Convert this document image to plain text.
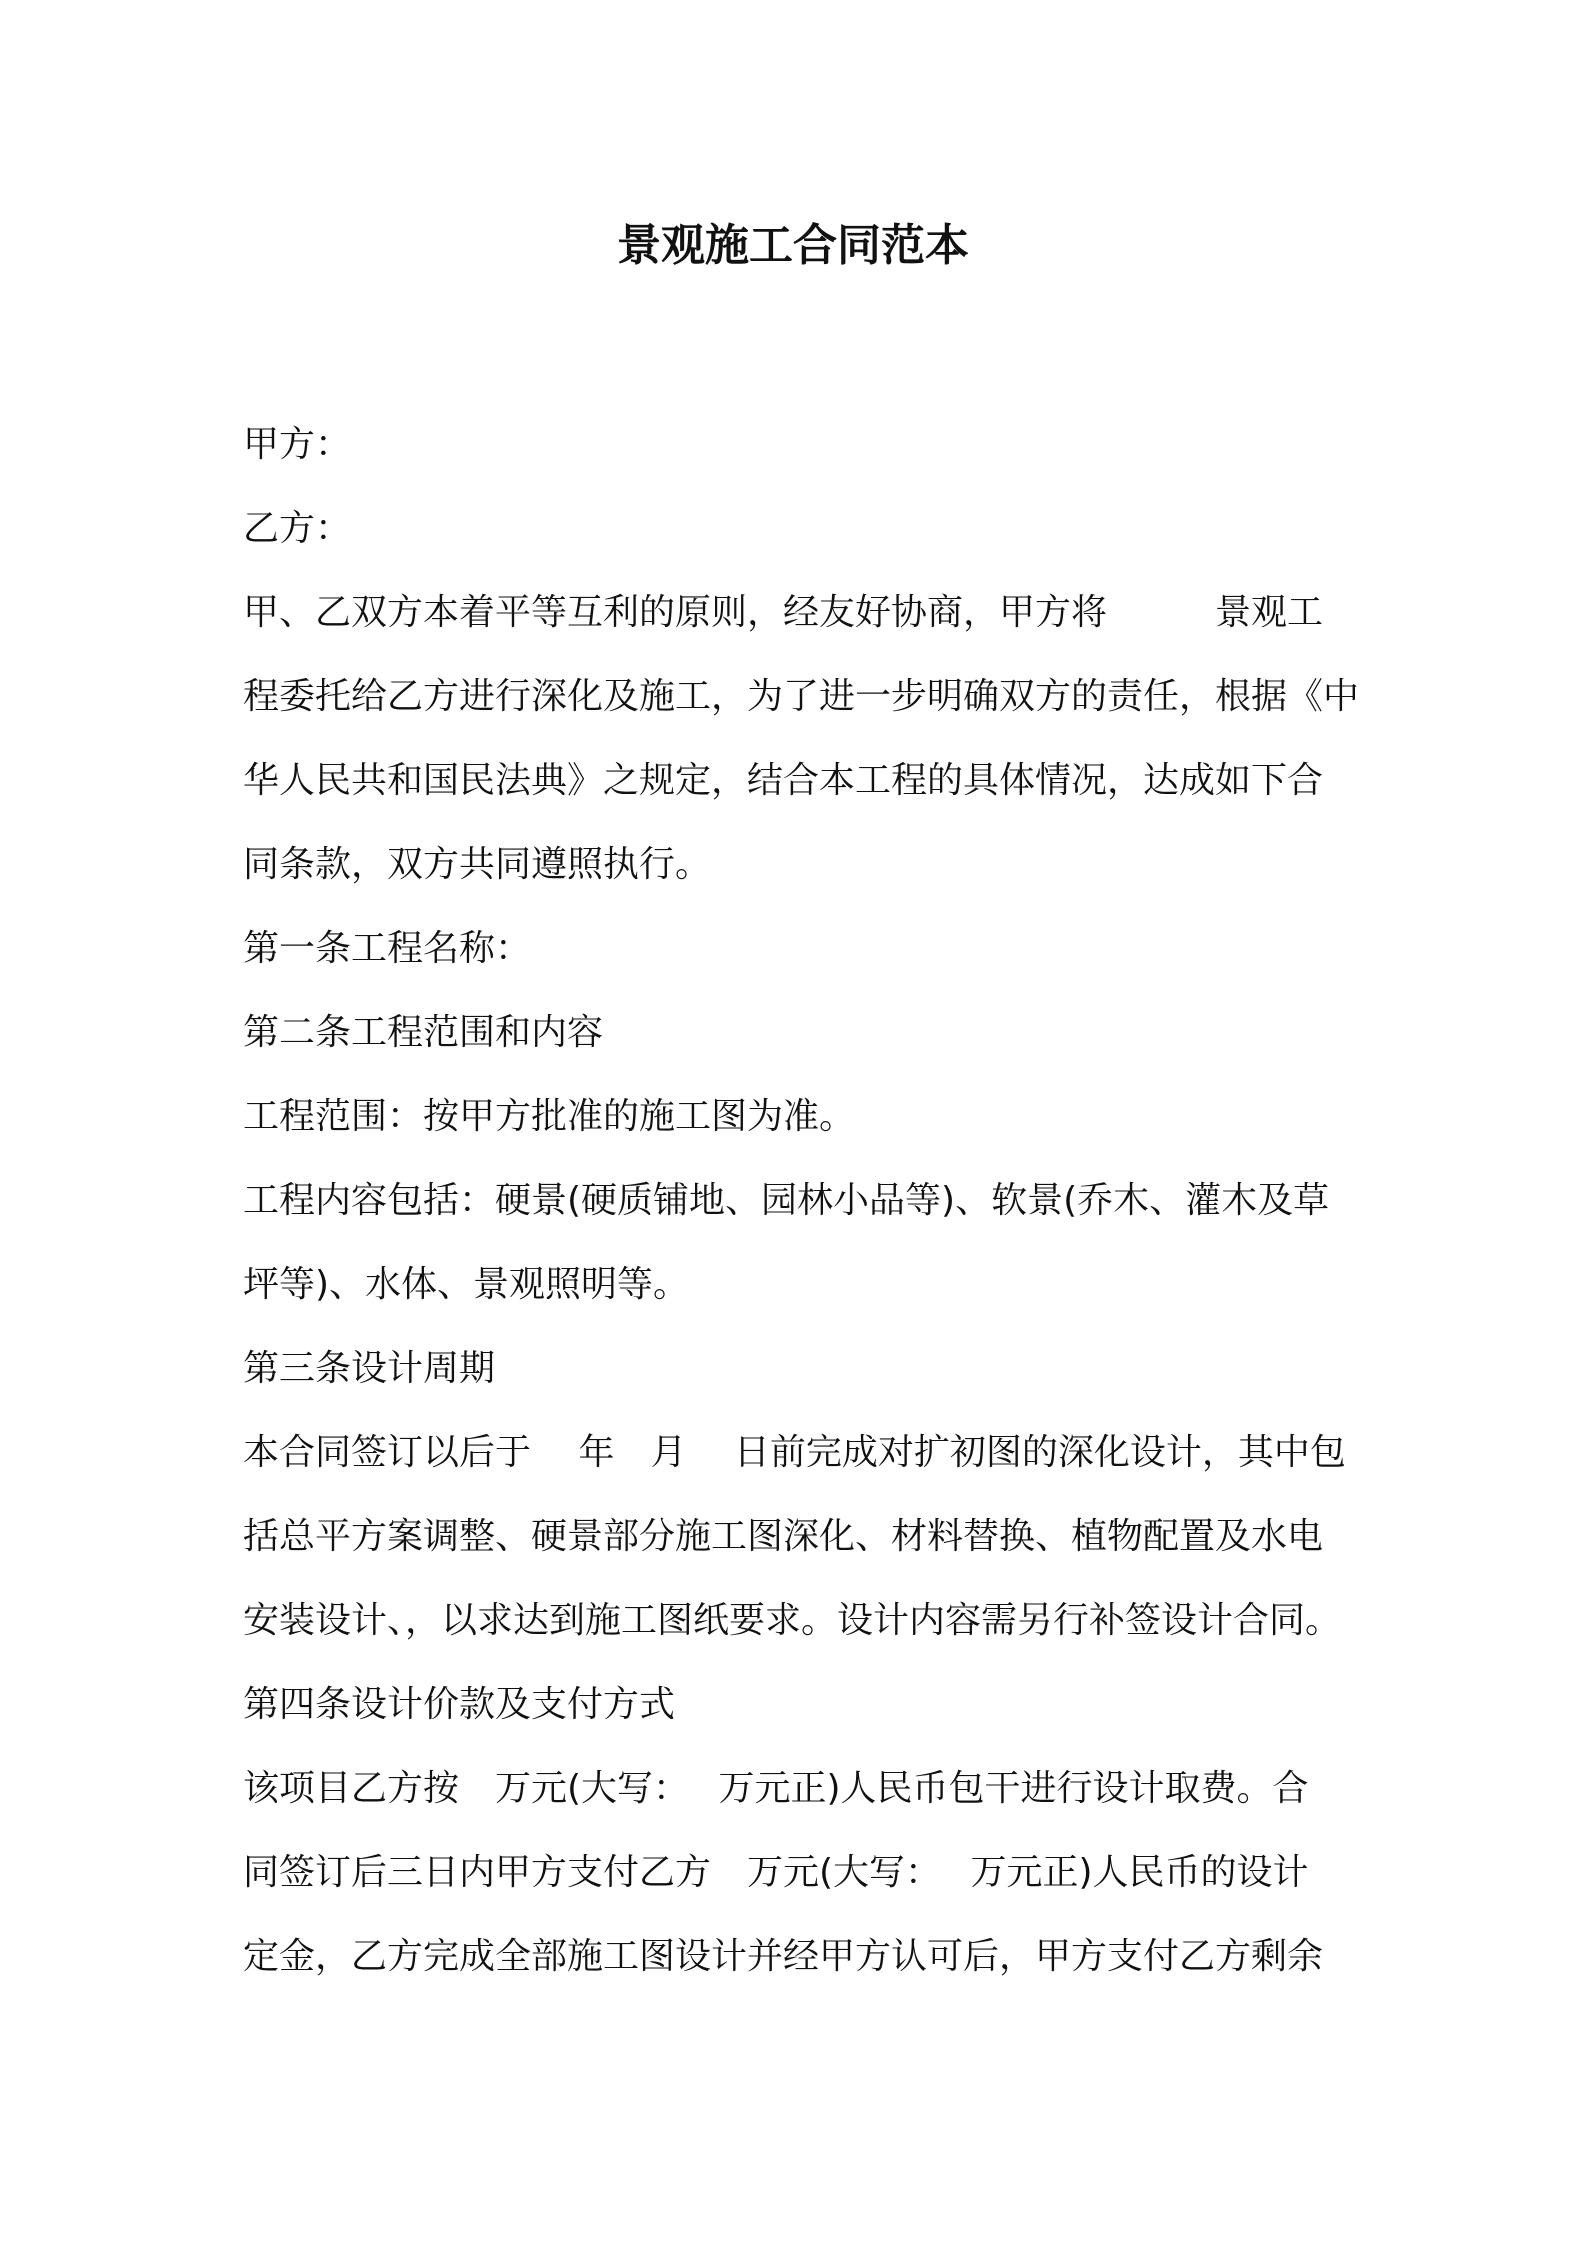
景观施工合同范本
甲方：
乙方：
甲、乙双方本着平等互利的原则，经友好协商，甲方将　　　景观工
程委托给乙方进行深化及施工，为了进一步明确双方的责任，根据《中
华人民共和国民法典》之规定，结合本工程的具体情况，达成如下合
同条款，双方共同遵照执行。
第一条工程名称：
第二条工程范围和内容
工程范围：按甲方批准的施工图为准。
工程内容包括：硬景(硬质铺地、园林小品等)、软景(乔木、灌木及草
坪等)、水体、景观照明等。
第三条设计周期
本合同签订以后于　 年　月　 日前完成对扩初图的深化设计，其中包
括总平方案调整、硬景部分施工图深化、材料替换、植物配置及水电
安装设计、，以求达到施工图纸要求。设计内容需另行补签设计合同。
第四条设计价款及支付方式
该项目乙方按　万元(大写：　 万元正)人民币包干进行设计取费。合
同签订后三日内甲方支付乙方　万元(大写：　 万元正)人民币的设计
定金，乙方完成全部施工图设计并经甲方认可后，甲方支付乙方剩余
